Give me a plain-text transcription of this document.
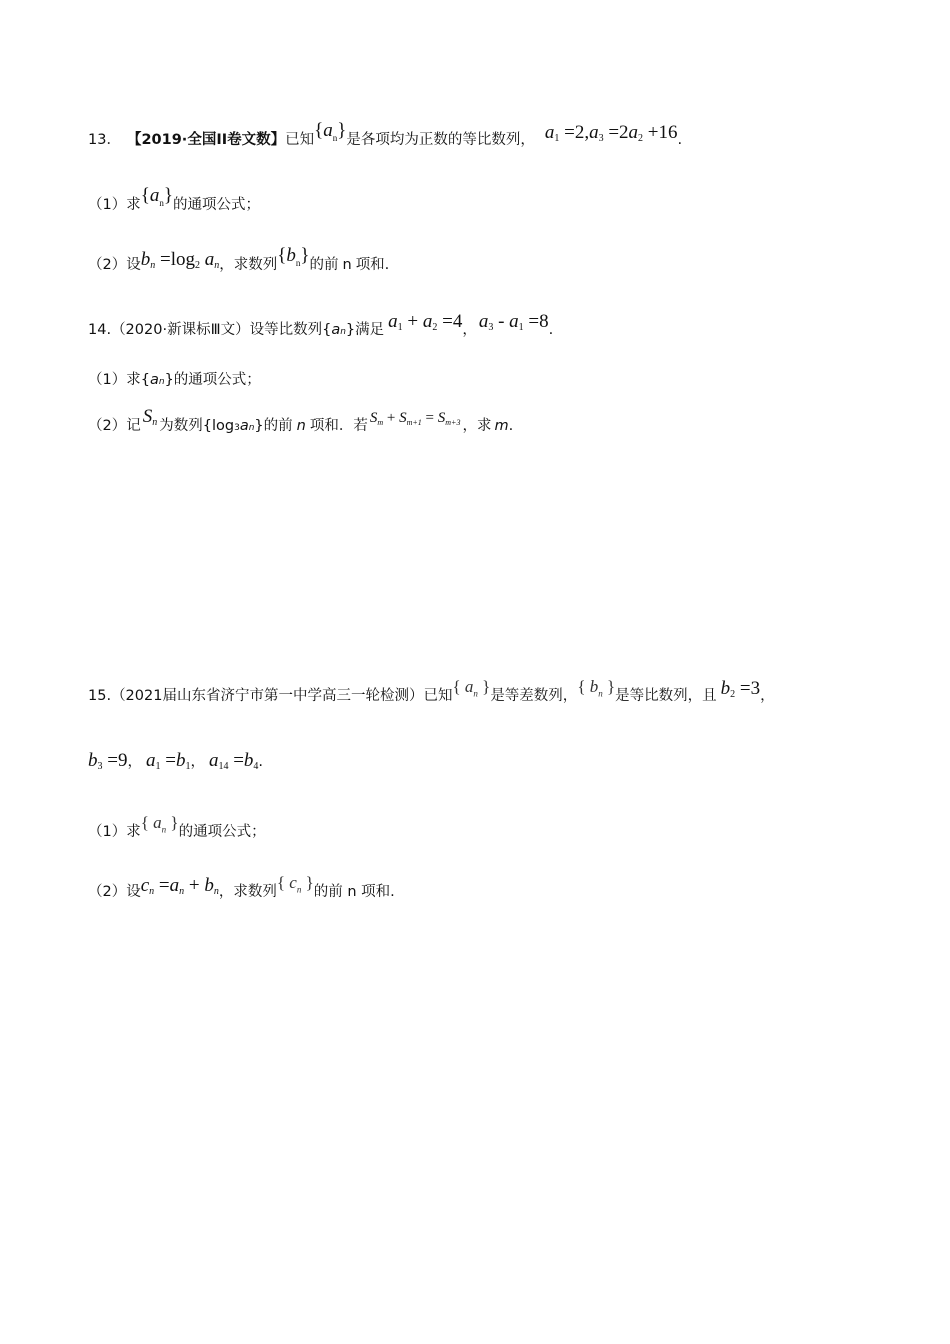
13． 【2019·全国II卷文数】 已知 $\{a_n\}$ 是各项均为正数的等比数列， $a_1 =2,a_3 =2a_2 +16$ .
（1）求 $\{a_n\}$ 的通项公式；
（2）设 $b_n =\log_2$ $a_n$ ，求数列 $\{b_n\}$ 的前 n 项和.
14. （2020·新课标Ⅲ文） 设等比数列{ a n }满足 $a_1 + a_2 =4$ ， $a_3 - a_1 =8$ .
（1）求{ a n }的通项公式；
（2）记 $S_n$ 为数列{log 3 a n }的前 n 项和．若 $S_m + S_{m+1} = S_{m+3}$ ，求 m .
15. （2021届山东省济宁市第一中学高三一轮检测） 已知 { $a_n$ } 是等差数列， { $b_n$ } 是等比数列，且 $b_2 =3$ ，
$b_3 =9$ ， $a_1 =b_1$ ， $a_{14} =b_4$ .
（1）求 { $a_n$ } 的通项公式；
（2）设 $c_n =a_n + b_n$ ，求数列 { $c_n$ } 的前 n 项和.
